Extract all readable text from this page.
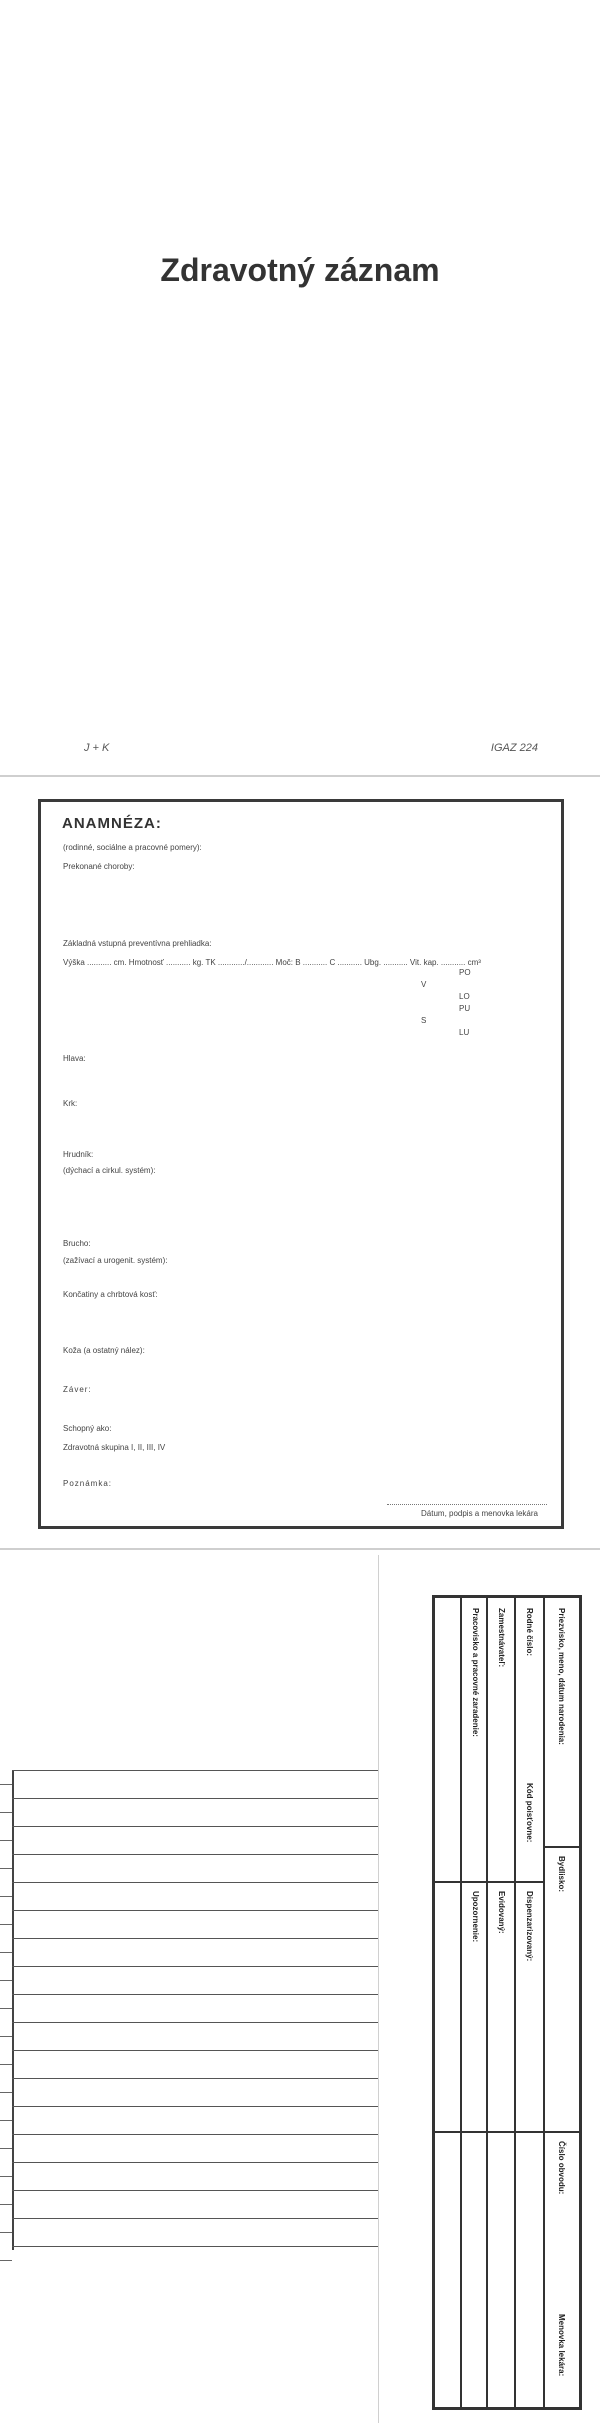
Zdravotný záznam
J + K	IGAZ 224
ANAMNÉZA:
(rodinné, sociálne a pracovné pomery):
Prekonané choroby:
Základná vstupná preventívna prehliadka:
Výška ........... cm. Hmotnosť ........... kg. TK ............/............ Moč: B ........... C ........... Ubg. ........... Vit. kap. ........... cm³
PO
V
LO
PU
S
LU
Hlava:
Krk:
Hrudník:
(dýchací a cirkul. systém):
Brucho:
(zažívací a urogenit. systém):
Končatiny a chrbtová kosť:
Koža (a ostatný nález):
Záver:
Schopný ako:
Zdravotná skupina I, II, III, IV
Poznámka:
Dátum, podpis a menovka lekára
Priezvisko, meno, dátum narodenia:
Bydlisko:
Číslo obvodu:
Menovka lekára:
Rodné číslo:
Kód poisťovne:
Dispenzarizovaný:
Zamestnávateľ:
Evidovaný:
Pracovisko a pracovné zaradenie:
Upozornenie:
